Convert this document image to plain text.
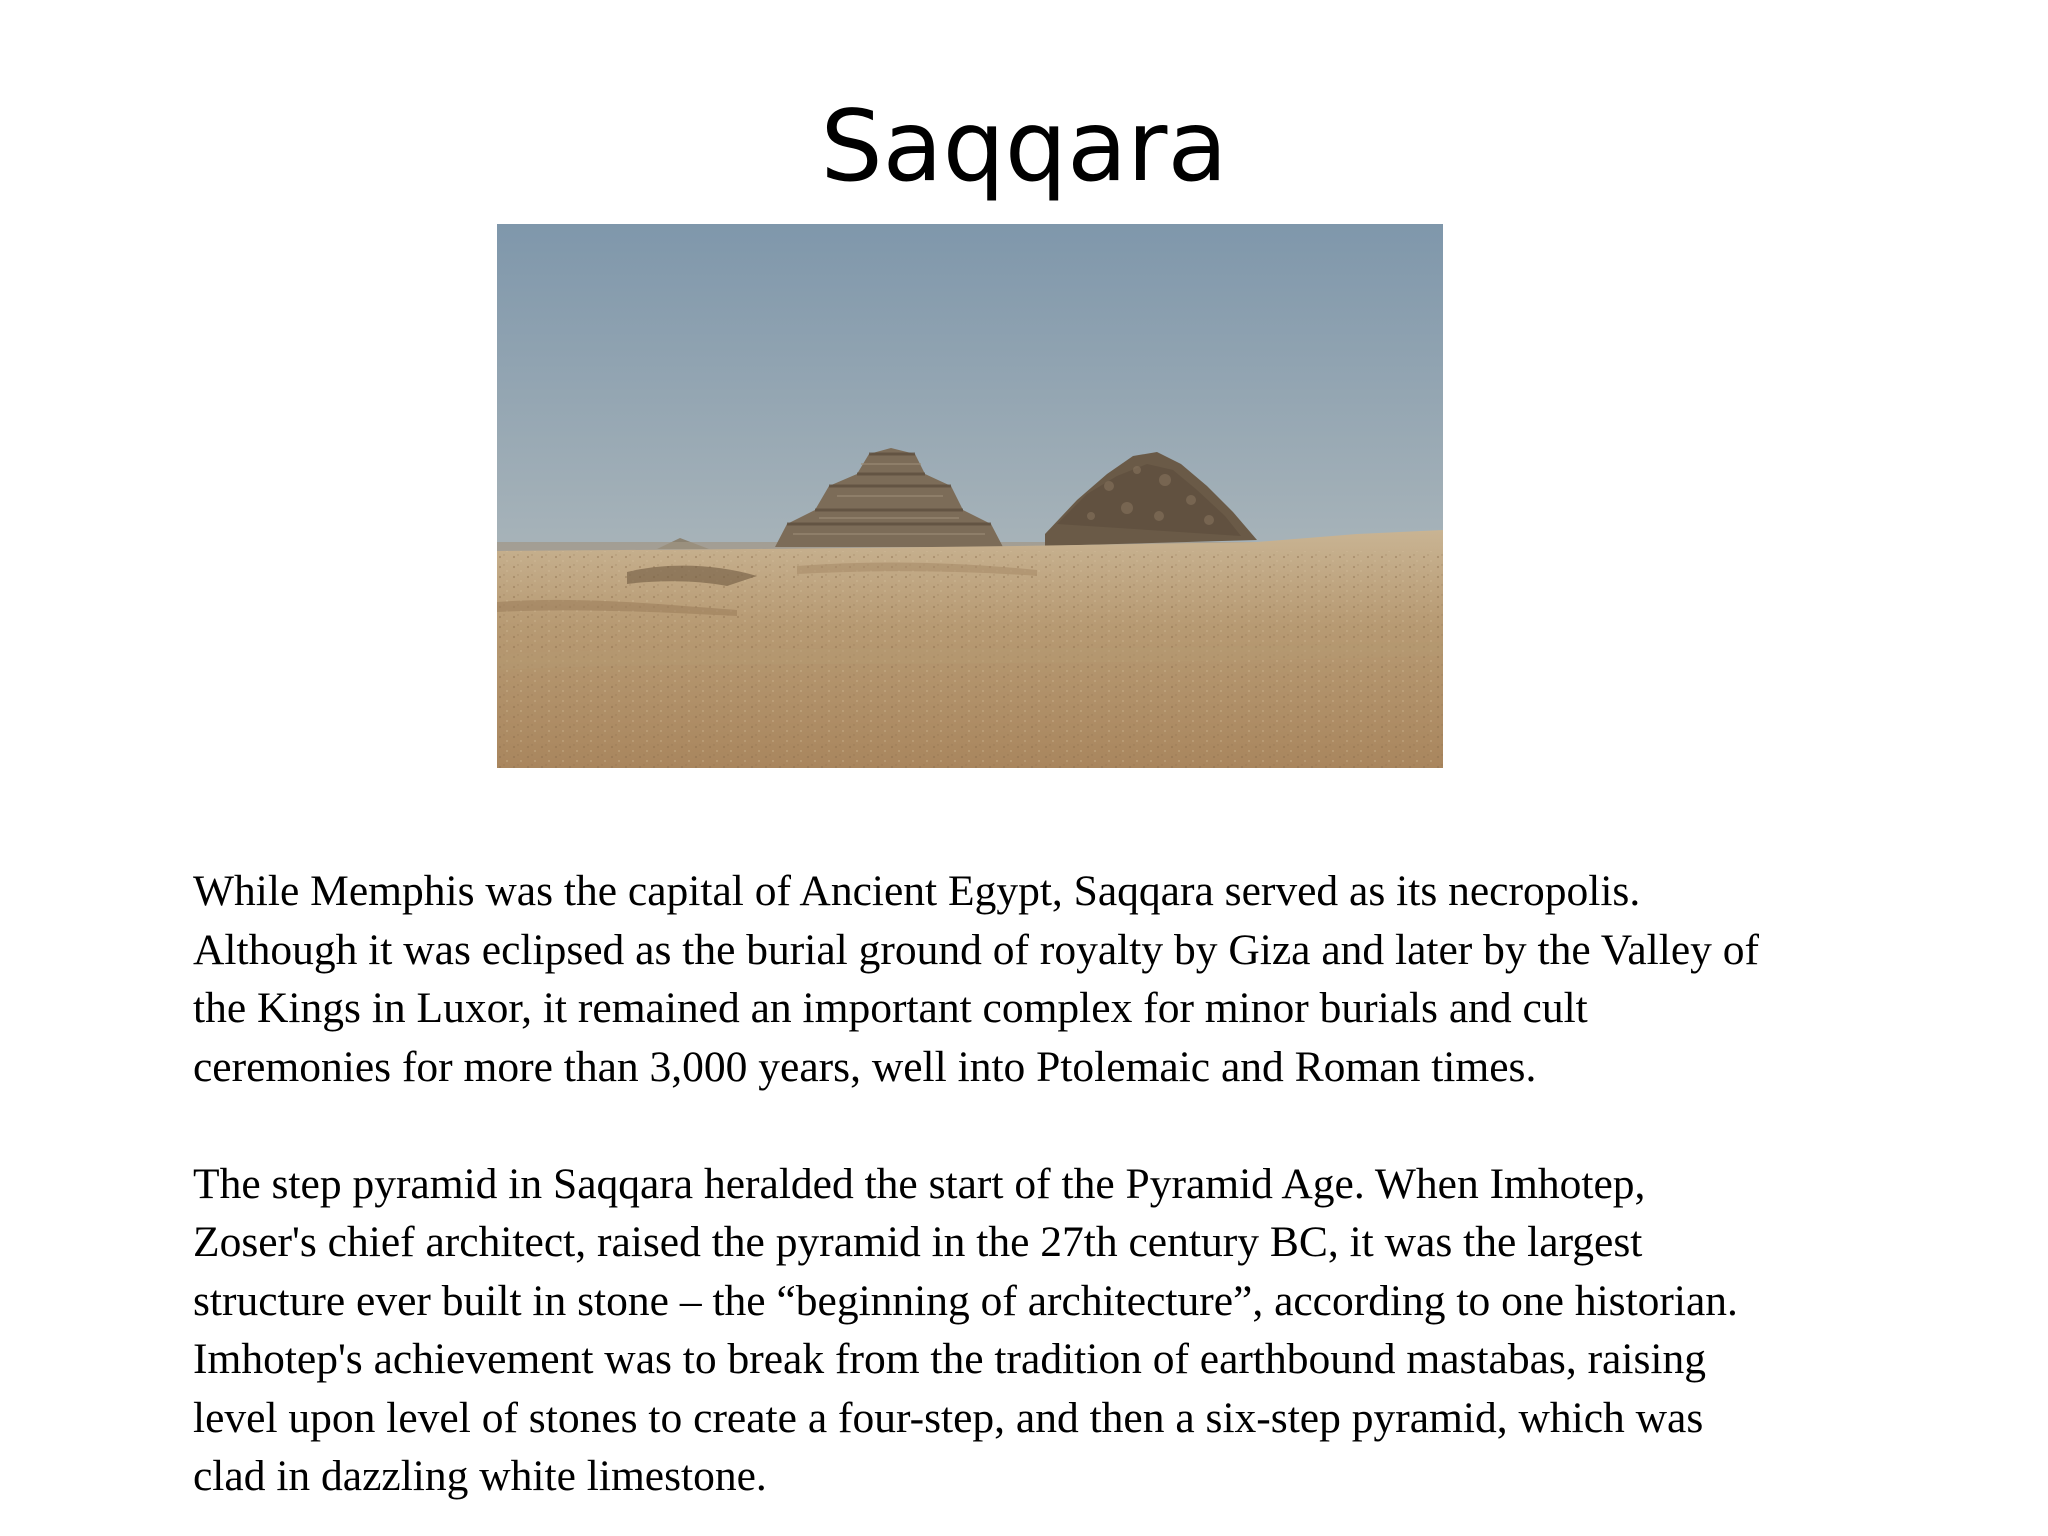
Saqqara

While Memphis was the capital of Ancient Egypt, Saqqara served as its necropolis.
Although it was eclipsed as the burial ground of royalty by Giza and later by the Valley of
the Kings in Luxor, it remained an important complex for minor burials and cult
ceremonies for more than 3,000 years, well into Ptolemaic and Roman times.

The step pyramid in Saqqara heralded the start of the Pyramid Age. When Imhotep,
Zoser's chief architect, raised the pyramid in the 27th century BC, it was the largest
structure ever built in stone – the “beginning of architecture”, according to one historian.
Imhotep's achievement was to break from the tradition of earthbound mastabas, raising
level upon level of stones to create a four-step, and then a six-step pyramid, which was
clad in dazzling white limestone.
